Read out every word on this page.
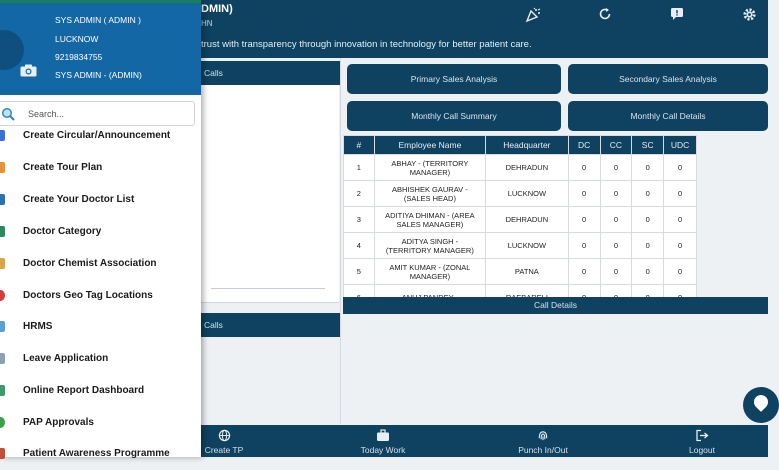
DMIN)
HN
trust with transparency through innovation in technology for better patient care.
Calls
Calls
Primary Sales Analysis	Secondary Sales Analysis
Monthly Call Summary	Monthly Call Details
#	Employee Name	Headquarter	DC	CC	SC	UDC
1	ABHAY - (TERRITORY
MANAGER)	DEHRADUN	0	0	0	0
2	ABHISHEK GAURAV -
(SALES HEAD)	LUCKNOW	0	0	0	0
3	ADITIYA DHIMAN - (AREA
SALES MANAGER)	DEHRADUN	0	0	0	0
4	ADITYA SINGH -
(TERRITORY MANAGER)	LUCKNOW	0	0	0	0
5	AMIT KUMAR - (ZONAL
MANAGER)	PATNA	0	0	0	0

Call Details
Create TP	Today Work	Punch In/Out	Logout
SYS ADMIN ( ADMIN )
LUCKNOW
9219834755
SYS ADMIN - (ADMIN)
Search...
Create Circular/Announcement
Create Tour Plan
Create Your Doctor List
Doctor Category
Doctor Chemist Association
Doctors Geo Tag Locations
HRMS
Leave Application
Online Report Dashboard
PAP Approvals
Patient Awareness Programme
